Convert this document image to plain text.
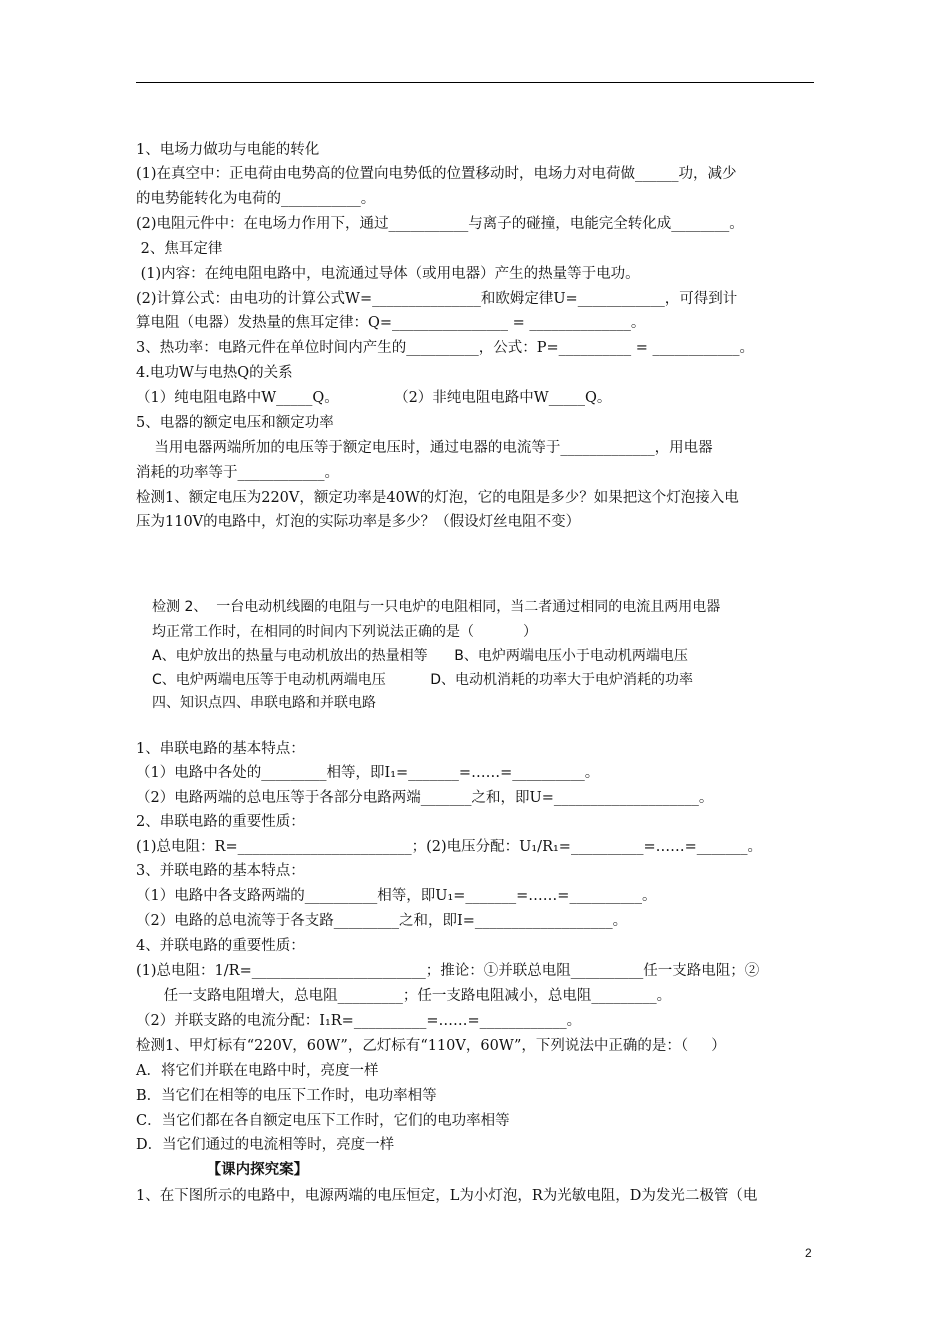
1、电场力做功与电能的转化
(1)在真空中：正电荷由电势高的位置向电势低的位置移动时，电场力对电荷做______功，减少
的电势能转化为电荷的___________。
(2)电阻元件中：在电场力作用下，通过___________与离子的碰撞，电能完全转化成________。
2、焦耳定律
(1)内容：在纯电阻电路中，电流通过导体（或用电器）产生的热量等于电功。
(2)计算公式：由电功的计算公式W=_______________和欧姆定律U=____________，可得到计
算电阻（电器）发热量的焦耳定律：Q=________________ = ______________。
3、热功率：电路元件在单位时间内产生的__________，公式：P=__________ = ____________。
4.电功W与电热Q的关系
（1）纯电阻电路中W_____Q。            （2）非纯电阻电路中W_____Q。
5、电器的额定电压和额定功率
当用电器两端所加的电压等于额定电压时，通过电器的电流等于_____________，用电器
消耗的功率等于____________。
检测1、额定电压为220V，额定功率是40W的灯泡，它的电阻是多少？如果把这个灯泡接入电
压为110V的电路中，灯泡的实际功率是多少？（假设灯丝电阻不变）
检测 2、  一台电动机线圈的电阻与一只电炉的电阻相同，当二者通过相同的电流且两用电器
均正常工作时，在相同的时间内下列说法正确的是（           ）
A、电炉放出的热量与电动机放出的热量相等      B、电炉两端电压小于电动机两端电压
C、电炉两端电压等于电动机两端电压          D、电动机消耗的功率大于电炉消耗的功率
四、知识点四、串联电路和并联电路
1、串联电路的基本特点：
（1）电路中各处的_________相等，即I₁=_______=……=__________。
（2）电路两端的总电压等于各部分电路两端_______之和，即U=____________________。
2、串联电路的重要性质：
(1)总电阻：R=________________________；(2)电压分配：U₁/R₁=__________=……=_______。
3、并联电路的基本特点：
（1）电路中各支路两端的__________相等，即U₁=_______=……=__________。
（2）电路的总电流等于各支路_________之和，即I=___________________。
4、并联电路的重要性质：
(1)总电阻：1/R=________________________；推论：①并联总电阻__________任一支路电阻；②
任一支路电阻增大，总电阻_________；任一支路电阻减小，总电阻_________。
（2）并联支路的电流分配：I₁R=__________=……=____________。
检测1、甲灯标有“220V，60W”，乙灯标有“110V，60W”，下列说法中正确的是：（     ）
A．将它们并联在电路中时，亮度一样
B．当它们在相等的电压下工作时，电功率相等
C．当它们都在各自额定电压下工作时，它们的电功率相等
D．当它们通过的电流相等时，亮度一样
【课内探究案】
1、在下图所示的电路中，电源两端的电压恒定，L为小灯泡，R为光敏电阻，D为发光二极管（电
2
